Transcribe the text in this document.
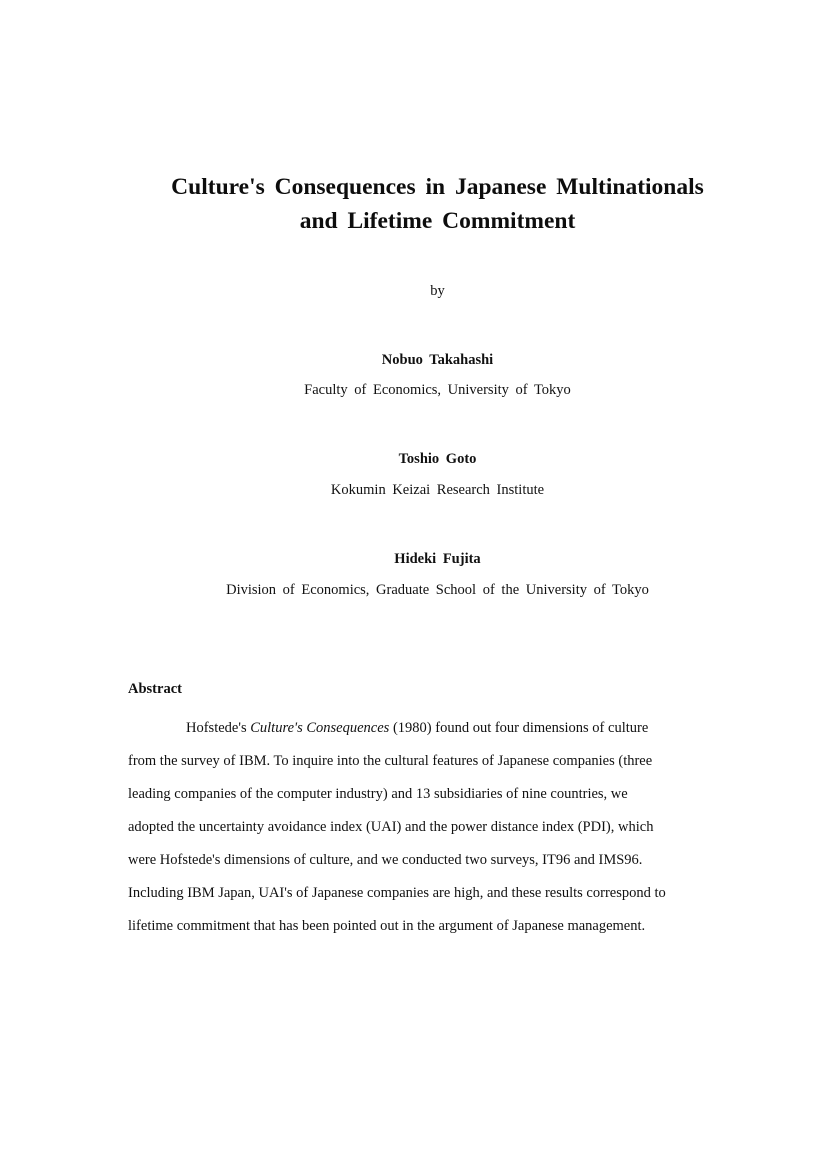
Culture's Consequences in Japanese Multinationals
and Lifetime Commitment
by
Nobuo Takahashi
Faculty of Economics, University of Tokyo
Toshio Goto
Kokumin Keizai Research Institute
Hideki Fujita
Division of Economics, Graduate School of the University of Tokyo
Abstract
Hofstede's Culture's Consequences (1980) found out four dimensions of culture
from the survey of IBM. To inquire into the cultural features of Japanese companies (three
leading companies of the computer industry) and 13 subsidiaries of nine countries, we
adopted the uncertainty avoidance index (UAI) and the power distance index (PDI), which
were Hofstede's dimensions of culture, and we conducted two surveys, IT96 and IMS96.
Including IBM Japan, UAI's of Japanese companies are high, and these results correspond to
lifetime commitment that has been pointed out in the argument of Japanese management.
